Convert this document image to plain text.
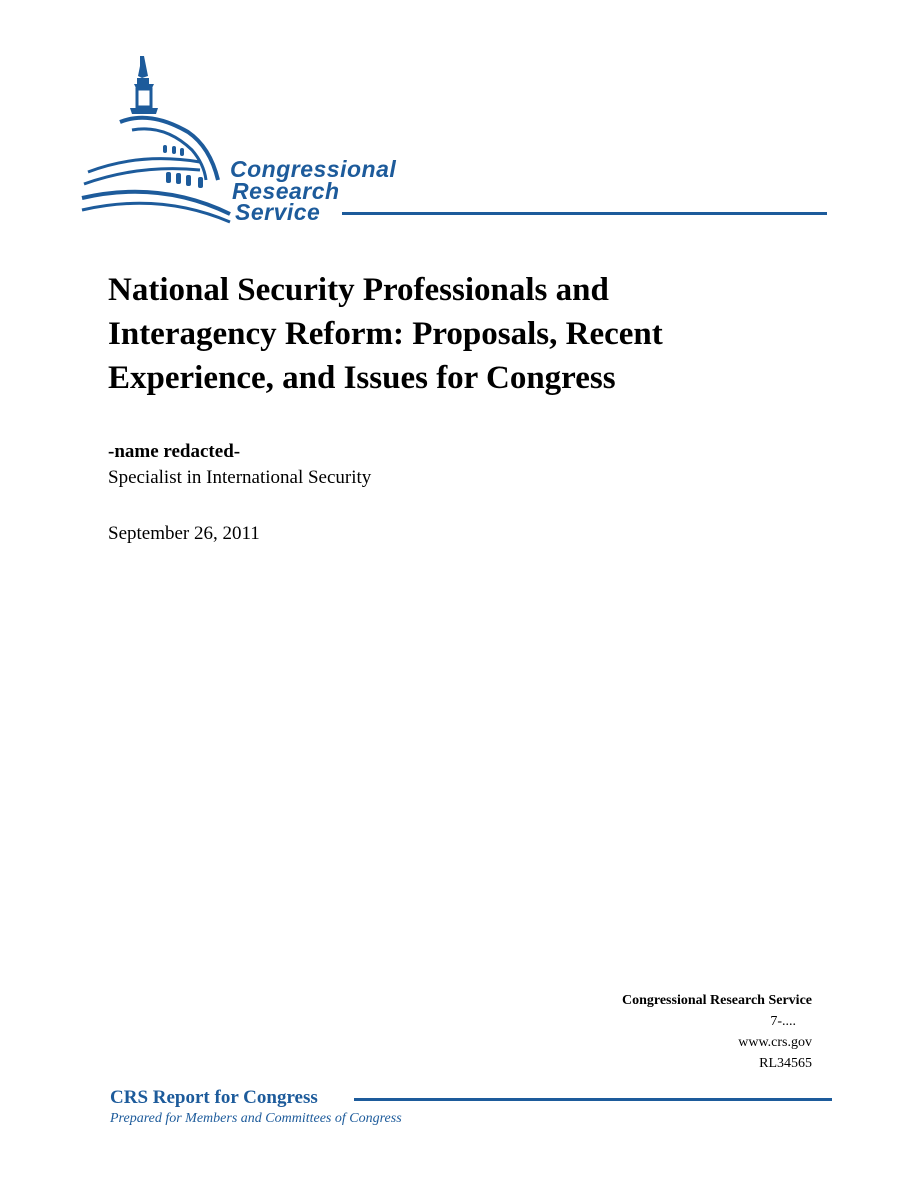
Congressional
Research
Service
National Security Professionals and
Interagency Reform: Proposals, Recent
Experience, and Issues for Congress
-name redacted-
Specialist in International Security
September 26, 2011
Congressional Research Service
7-....
www.crs.gov
RL34565
CRS Report for Congress
Prepared for Members and Committees of Congress
